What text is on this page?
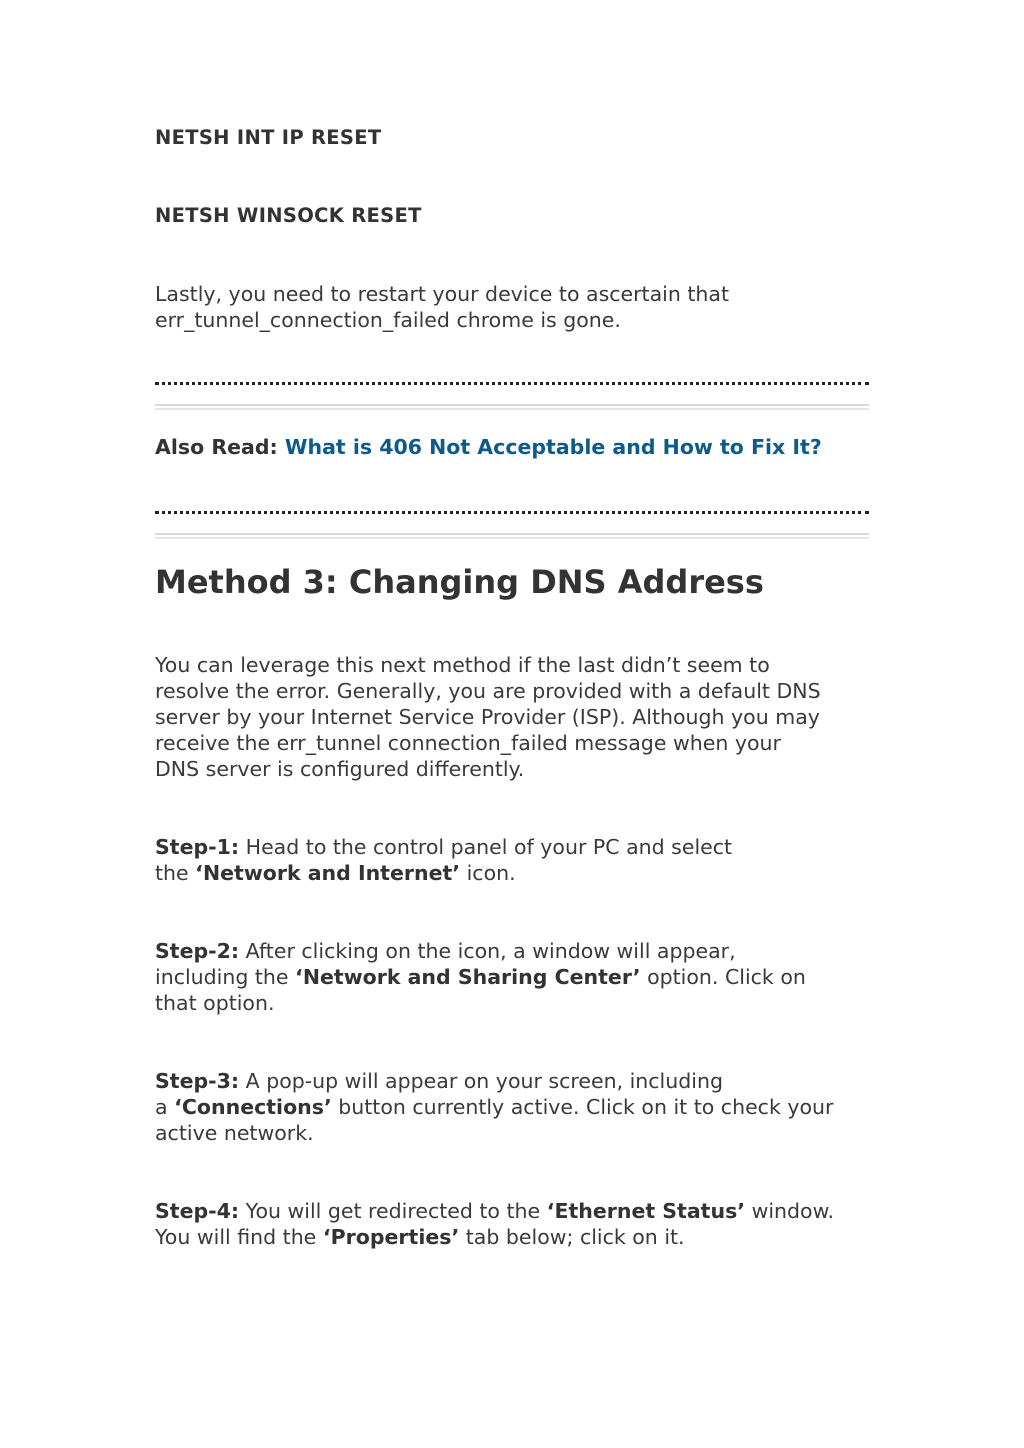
NETSH INT IP RESET
NETSH WINSOCK RESET
Lastly, you need to restart your device to ascertain that
err_tunnel_connection_failed chrome is gone.
Also Read: What is 406 Not Acceptable and How to Fix It?
Method 3: Changing DNS Address
You can leverage this next method if the last didn’t seem to
resolve the error. Generally, you are provided with a default DNS
server by your Internet Service Provider (ISP). Although you may
receive the err_tunnel connection_failed message when your
DNS server is configured differently.
Step-1: Head to the control panel of your PC and select
the ‘Network and Internet’ icon.
Step-2: After clicking on the icon, a window will appear,
including the ‘Network and Sharing Center’ option. Click on
that option.
Step-3: A pop-up will appear on your screen, including
a ‘Connections’ button currently active. Click on it to check your
active network.
Step-4: You will get redirected to the ‘Ethernet Status’ window.
You will find the ‘Properties’ tab below; click on it.
